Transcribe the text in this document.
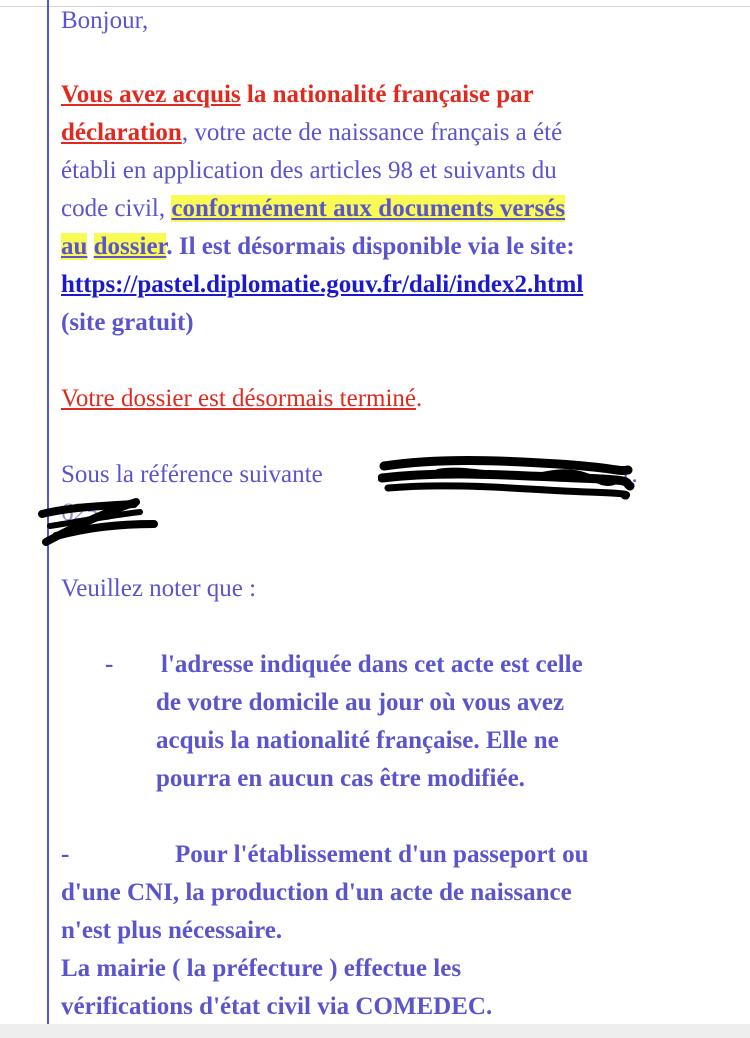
Bonjour,
Vous avez acquis la nationalité française par
déclaration, votre acte de naissance français a été
établi en application des articles 98 et suivants du
code civil, conformément aux documents versés
au dossier. Il est désormais disponible via le site:
https://pastel.diplomatie.gouv.fr/dali/index2.html
(site gratuit)
Votre dossier est désormais terminé.
Sous la référence suivante	1.
6251
Veuillez noter que :
- l'adresse indiquée dans cet acte est celle
de votre domicile au jour où vous avez
acquis la nationalité française. Elle ne
pourra en aucun cas être modifiée.
-	Pour l'établissement d'un passeport ou
d'une CNI, la production d'un acte de naissance
n'est plus nécessaire.
La mairie ( la préfecture ) effectue les
vérifications d'état civil via COMEDEC.
